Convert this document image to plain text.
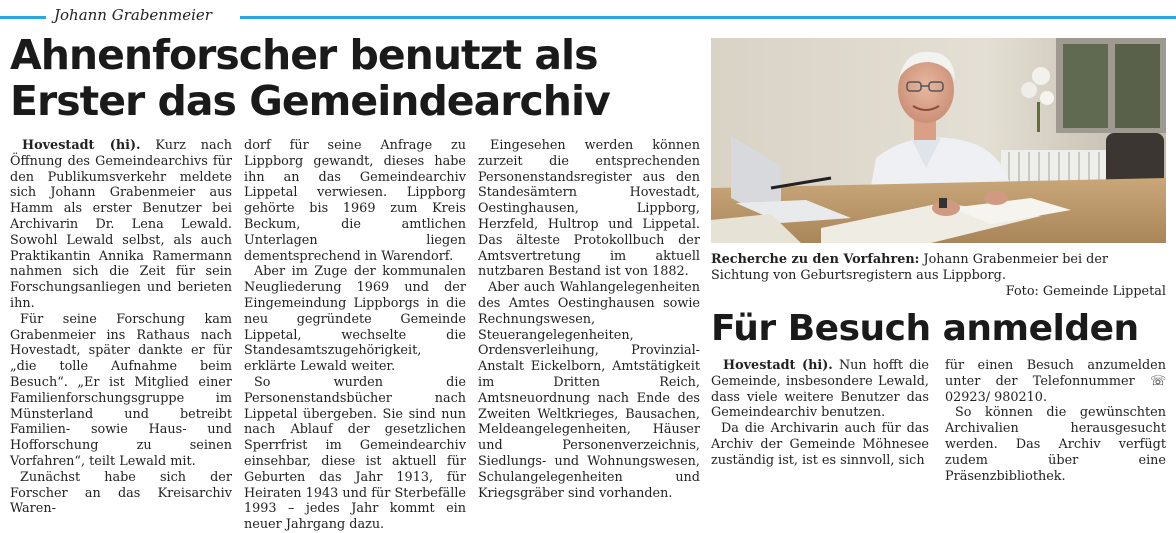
Johann Grabenmeier
Ahnenforscher benutzt als Erster das Gemeindearchiv

Hovestadt (hi). Kurz nach Öffnung des Gemeindearchivs für den Publikumsverkehr meldete sich Johann Grabenmeier aus Hamm als erster Benutzer bei Archivarin Dr. Lena Lewald. Sowohl Lewald selbst, als auch Praktikantin Annika Ramermann nahmen sich die Zeit für sein Forschungsanliegen und berieten ihn.

Für seine Forschung kam Grabenmeier ins Rathaus nach Hovestadt, später dankte er für „die tolle Aufnahme beim Besuch“. „Er ist Mitglied einer Familienforschungsgruppe im Münsterland und betreibt Familien- sowie Haus- und Hofforschung zu seinen Vorfahren“, teilt Lewald mit.

Zunächst habe sich der Forscher an das Kreisarchiv Waren-

dorf für seine Anfrage zu Lippborg gewandt, dieses habe ihn an das Gemeindearchiv Lippetal verwiesen. Lippborg gehörte bis 1969 zum Kreis Beckum, die amtlichen Unterlagen liegen dementsprechend in Warendorf.

Aber im Zuge der kommunalen Neugliederung 1969 und der Eingemeindung Lippborgs in die neu gegründete Gemeinde Lippetal, wechselte die Standesamtszugehörigkeit, erklärte Lewald weiter.

So wurden die Personenstandsbücher nach Lippetal übergeben. Sie sind nun nach Ablauf der gesetzlichen Sperrfrist im Gemeindearchiv einsehbar, diese ist aktuell für Geburten das Jahr 1913, für Heiraten 1943 und für Sterbefälle 1993 – jedes Jahr kommt ein neuer Jahrgang dazu.

Eingesehen werden können zurzeit die entsprechenden Personenstandsregister aus den Standesämtern Hovestadt, Oestinghausen, Lippborg, Herzfeld, Hultrop und Lippetal. Das älteste Protokollbuch der Amtsvertretung im aktuell nutzbaren Bestand ist von 1882.

Aber auch Wahlangelegenheiten des Amtes Oestinghausen sowie Rechnungswesen, Steuerangelegenheiten, Ordensverleihung, Provinzial-Anstalt Eickelborn, Amtstätigkeit im Dritten Reich, Amtsneuordnung nach Ende des Zweiten Weltkrieges, Bausachen, Meldeangelegenheiten, Häuser und Personenverzeichnis, Siedlungs- und Wohnungswesen, Schulangelegenheiten und Kriegsgräber sind vorhanden.

Recherche zu den Vorfahren: Johann Grabenmeier bei der Sichtung von Geburtsregistern aus Lippborg.
Foto: Gemeinde Lippetal
Für Besuch anmelden

Hovestadt (hi). Nun hofft die Gemeinde, insbesondere Lewald, dass viele weitere Benutzer das Gemeindearchiv benutzen.

Da die Archivarin auch für das Archiv der Gemeinde Möhnesee zuständig ist, ist es sinnvoll, sich

für einen Besuch anzumelden unter der Telefonnummer ☏ 02923/ 980210.

So können die gewünschten Archivalien herausgesucht werden. Das Archiv verfügt zudem über eine Präsenzbibliothek.
